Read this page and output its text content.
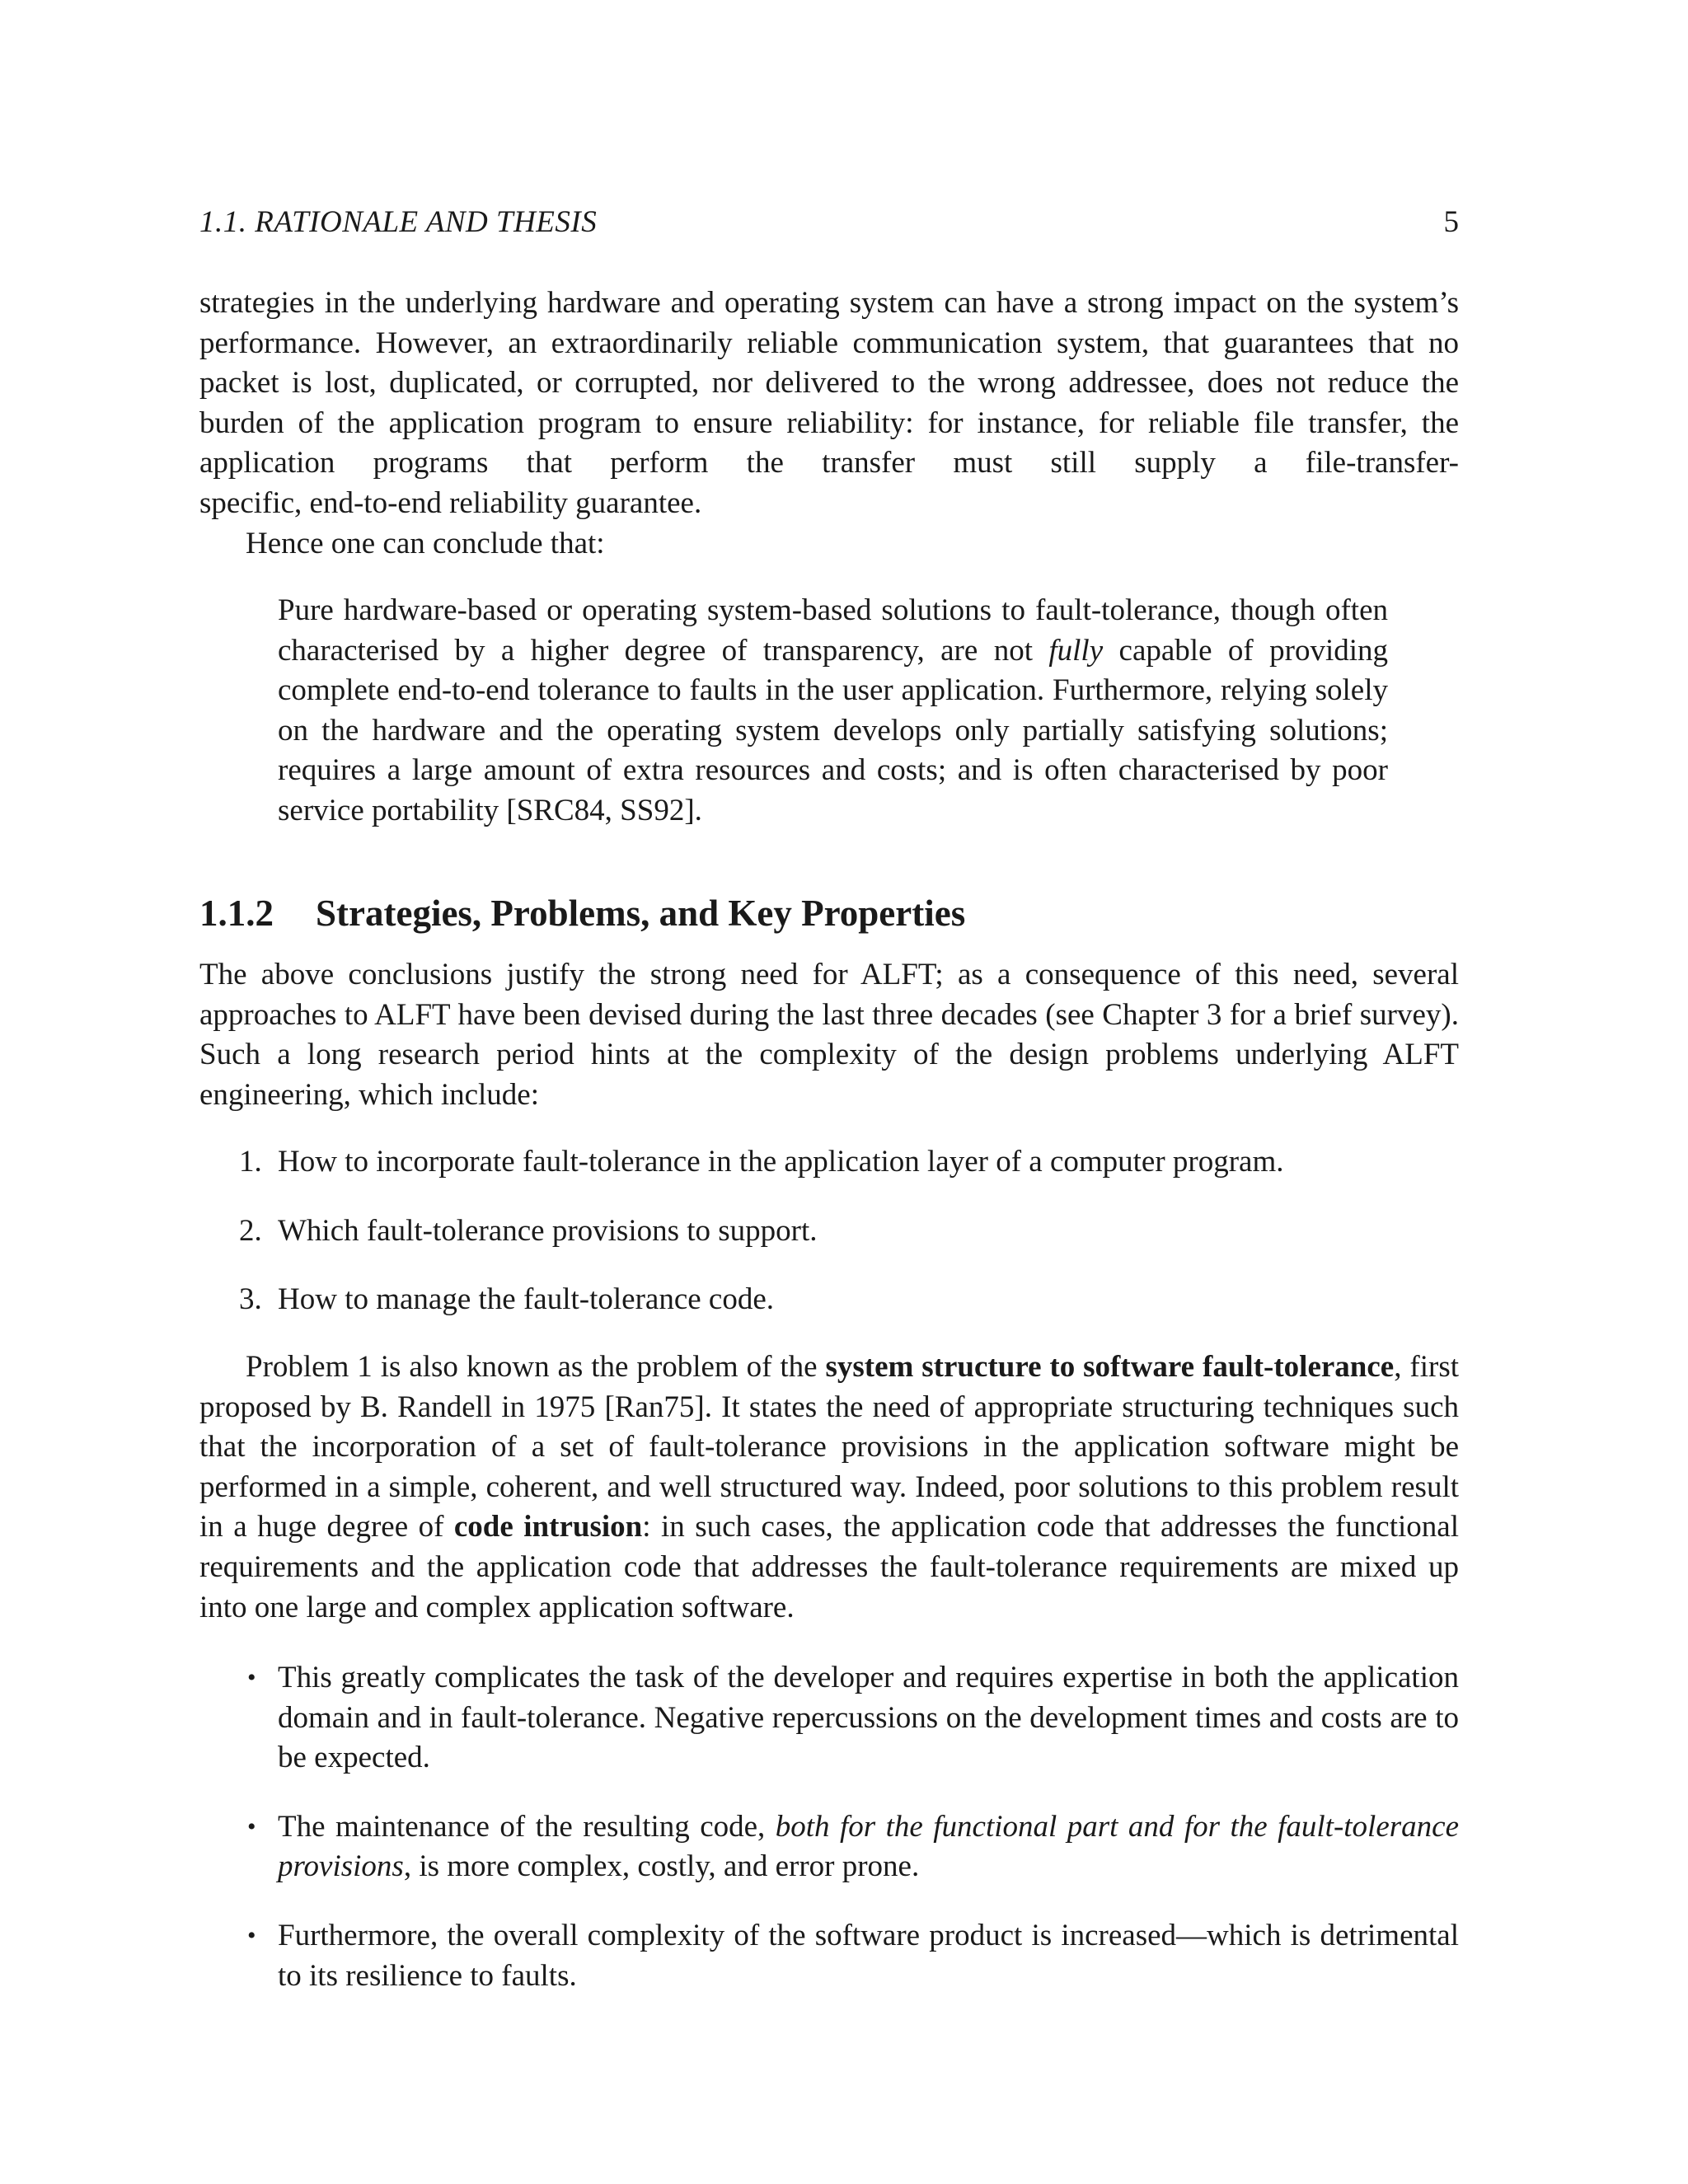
1.1. RATIONALE AND THESIS	5

strategies in the underlying hardware and operating system can have a strong impact on the system’s performance. However, an extraordinarily reliable communication system, that guarantees that no packet is lost, duplicated, or corrupted, nor delivered to the wrong addressee, does not reduce the burden of the application program to ensure reliability: for instance, for reliable file transfer, the application programs that perform the transfer must still supply a file-transfer-

specific, end-to-end reliability guarantee.

Hence one can conclude that:

Pure hardware-based or operating system-based solutions to fault-tolerance, though often characterised by a higher degree of transparency, are not fully capable of providing complete end-to-end tolerance to faults in the user application. Furthermore, relying solely on the hardware and the operating system develops only partially satisfying solutions; requires a large amount of extra resources and costs; and is often characterised by poor service portability [SRC84, SS92].
1.1.2 Strategies, Problems, and Key Properties

The above conclusions justify the strong need for ALFT; as a consequence of this need, several approaches to ALFT have been devised during the last three decades (see Chapter 3 for a brief survey). Such a long research period hints at the complexity of the design problems underlying ALFT engineering, which include:

1. How to incorporate fault-tolerance in the application layer of a computer program.
2. Which fault-tolerance provisions to support.
3. How to manage the fault-tolerance code.
Problem 1 is also known as the problem of the system structure to software fault-tolerance, first proposed by B. Randell in 1975 [Ran75]. It states the need of appropriate structuring techniques such that the incorporation of a set of fault-tolerance provisions in the application software might be performed in a simple, coherent, and well structured way. Indeed, poor solutions to this problem result in a huge degree of code intrusion: in such cases, the application code that addresses the functional requirements and the application code that addresses the fault-tolerance requirements are mixed up into one large and complex application software.
• This greatly complicates the task of the developer and requires expertise in both the application domain and in fault-tolerance. Negative repercussions on the development times and costs are to be expected.
• The maintenance of the resulting code, both for the functional part and for the fault-tolerance provisions, is more complex, costly, and error prone.
• Furthermore, the overall complexity of the software product is increased—which is detrimental to its resilience to faults.
